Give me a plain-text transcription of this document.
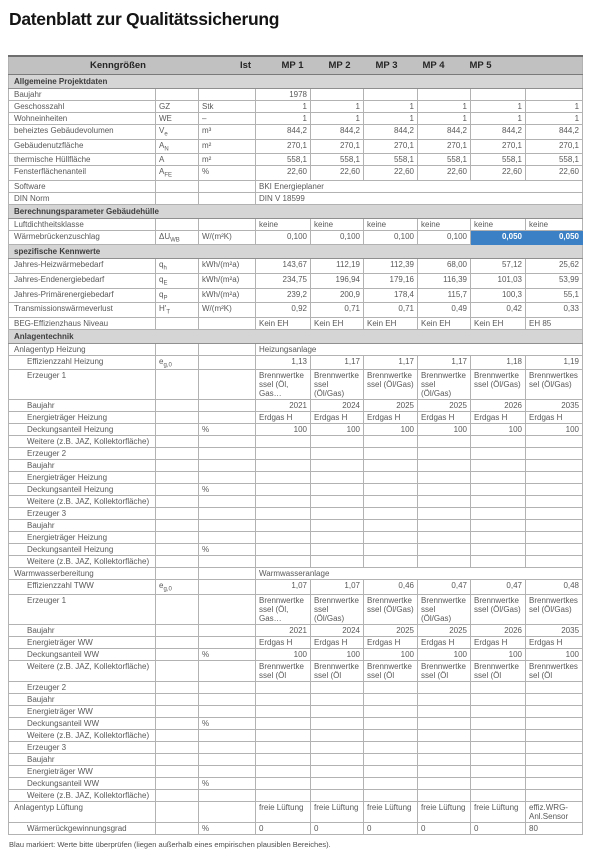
Datenblatt zur Qualitätssicherung
Kenngrößen	Ist	MP 1	MP 2	MP 3	MP 4	MP 5

Allgemeine Projektdaten								
Baujahr			1978					
Geschosszahl	GZ	Stk	1	1	1	1	1	1
Wohneinheiten	WE	–	1	1	1	1	1	1
beheiztes Gebäudevolumen	$V_e$	m³	844,2	844,2	844,2	844,2	844,2	844,2
Gebäudenutzfläche	$A_N$	m²	270,1	270,1	270,1	270,1	270,1	270,1
thermische Hüllfläche	A	m²	558,1	558,1	558,1	558,1	558,1	558,1
Fensterflächenanteil	$A_{FE}$	%	22,60	22,60	22,60	22,60	22,60	22,60
Software			BKI Energieplaner					
DIN Norm			DIN V 18599					
Berechnungsparameter Gebäudehülle								
Luftdichtheitsklasse			keine	keine	keine	keine	keine	keine
Wärmebrückenzuschlag	$\Delta U_{WB}$	W/(m²K)	0,100	0,100	0,100	0,100	0,050	0,050
spezifische Kennwerte								
Jahres-Heizwärmebedarf	$q_h$	kWh/(m²a)	143,67	112,19	112,39	68,00	57,12	25,62
Jahres-Endenergiebedarf	$q_E$	kWh/(m²a)	234,75	196,94	179,16	116,39	101,03	53,99
Jahres-Primärenergiebedarf	$q_P$	kWh/(m²a)	239,2	200,9	178,4	115,7	100,3	55,1
Transmissionswärmeverlust	$H'_T$	W/(m²K)	0,92	0,71	0,71	0,49	0,42	0,33
BEG-Effizienzhaus Niveau			Kein EH	Kein EH	Kein EH	Kein EH	Kein EH	EH 85
Anlagentechnik								
Anlagentyp Heizung			Heizungsanlage					
Effizienzzahl Heizung	$e_{g,0}$		1,13	1,17	1,17	1,17	1,18	1,19
Erzeuger 1			Brennwertkessel (Öl, Gas…	Brennwertkessel (Öl/Gas)	Brennwertkessel (Öl/Gas)	Brennwertkessel (Öl/Gas)	Brennwertkessel (Öl/Gas)	Brennwertkessel (Öl/Gas)
Baujahr			2021	2024	2025	2025	2026	2035
Energieträger Heizung			Erdgas H	Erdgas H	Erdgas H	Erdgas H	Erdgas H	Erdgas H
Deckungsanteil Heizung		%	100	100	100	100	100	100
Weitere (z.B. JAZ, Kollektorfläche)								
Erzeuger 2								
Baujahr								
Energieträger Heizung								
Deckungsanteil Heizung		%						
Weitere (z.B. JAZ, Kollektorfläche)								
Erzeuger 3								
Baujahr								
Energieträger Heizung								
Deckungsanteil Heizung		%						
Weitere (z.B. JAZ, Kollektorfläche)								
Warmwasserbereitung			Warmwasseranlage					
Effizienzzahl TWW	$e_{g,0}$		1,07	1,07	0,46	0,47	0,47	0,48
Erzeuger 1			Brennwertkessel (Öl, Gas…	Brennwertkessel (Öl/Gas)	Brennwertkessel (Öl/Gas)	Brennwertkessel (Öl/Gas)	Brennwertkessel (Öl/Gas)	Brennwertkessel (Öl/Gas)
Baujahr			2021	2024	2025	2025	2026	2035
Energieträger WW			Erdgas H	Erdgas H	Erdgas H	Erdgas H	Erdgas H	Erdgas H
Deckungsanteil WW		%	100	100	100	100	100	100
Weitere (z.B. JAZ, Kollektorfläche)			Brennwertkessel (Öl	Brennwertkessel (Öl	Brennwertkessel (Öl	Brennwertkessel (Öl	Brennwertkessel (Öl	Brennwertkessel (Öl
Erzeuger 2								
Baujahr								
Energieträger WW								
Deckungsanteil WW		%						
Weitere (z.B. JAZ, Kollektorfläche)								
Erzeuger 3								
Baujahr								
Energieträger WW								
Deckungsanteil WW		%						
Weitere (z.B. JAZ, Kollektorfläche)								
Anlagentyp Lüftung			freie Lüftung	freie Lüftung	freie Lüftung	freie Lüftung	freie Lüftung	effiz.WRG-Anl.Sensor
Wärmerückgewinnungsgrad		%	0	0	0	0	0	80

Blau markiert: Werte bitte überprüfen (liegen außerhalb eines empirischen plausiblen Bereiches).
